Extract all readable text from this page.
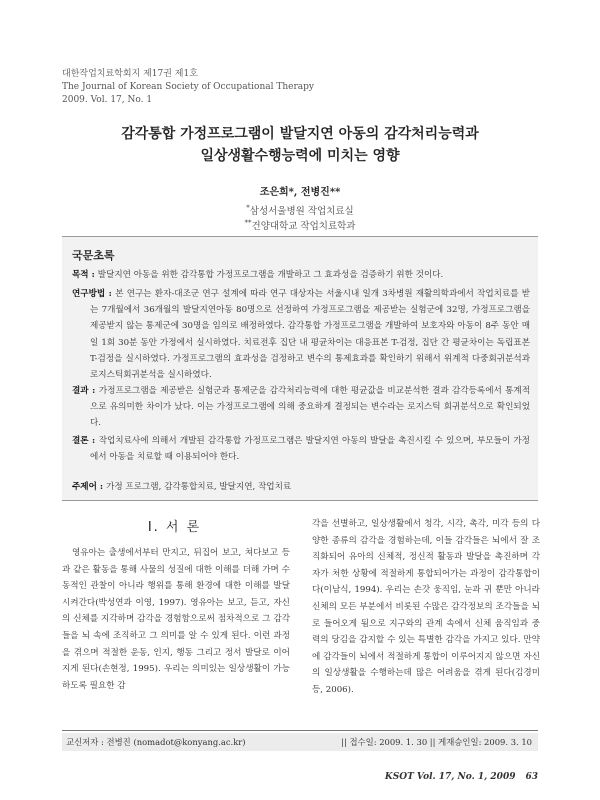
대한작업치료학회지 제17권 제1호
The Journal of Korean Society of Occupational Therapy
2009. Vol. 17, No. 1
감각통합 가정프로그램이 발달지연 아동의 감각처리능력과
일상생활수행능력에 미치는 영향
조은희*, 전병진**
*삼성서울병원 작업치료실
**건양대학교 작업치료학과
국문초록
목적 : 발달지연 아동을 위한 감각통합 가정프로그램을 개발하고 그 효과성을 검증하기 위한 것이다.
연구방법 : 본 연구는 환자-대조군 연구 설계에 따라 연구 대상자는 서울시내 일개 3차병원 재활의학과에서 작업치료를 받는 7개월에서 36개월의 발달지연아동 80명으로 선정하여 가정프로그램을 제공받는 실험군에 32명, 가정프로그램을 제공받지 않는 통제군에 30명을 임의로 배정하였다. 감각통합 가정프로그램을 개발하여 보호자와 아동이 8주 동안 매일 1회 30분 동안 가정에서 실시하였다. 치료전후 집단 내 평균차이는 대응표본 T-검정, 집단 간 평균차이는 독립표본 T-검정을 실시하였다. 가정프로그램의 효과성을 검정하고 변수의 통제효과를 확인하기 위해서 위계적 다중회귀분석과 로지스틱회귀분석을 실시하였다.
결과 : 가정프로그램을 제공받은 실험군과 통제군을 감각처리능력에 대한 평균값을 비교분석한 결과 감각등록에서 통계적으로 유의미한 차이가 났다. 이는 가정프로그램에 의해 중요하게 결정되는 변수라는 로지스틱 회귀분석으로 확인되었다.
결론 : 작업치료사에 의해서 개발된 감각통합 가정프로그램은 발달지연 아동의 발달을 촉진시킬 수 있으며, 부모들이 가정에서 아동을 치료할 때 이용되어야 한다.
주제어 : 가정 프로그램, 감각통합치료, 발달지연, 작업치료
Ⅰ. 서 론
영유아는 출생에서부터 만지고, 뒤집어 보고, 쳐다보고 등과 같은 활동을 통해 사물의 성질에 대한 이해를 더해 가며 수동적인 관찰이 아니라 행위를 통해 환경에 대한 이해를 발달시켜간다(박성연과 이영, 1997). 영유아는 보고, 듣고, 자신의 신체를 지각하며 감각을 경험함으로써 점차적으로 그 감각들을 뇌 속에 조직하고 그 의미를 알 수 있게 된다. 이런 과정을 겪으며 적절한 운동, 인지, 행동 그리고 정서 발달로 이어지게 된다(손현정, 1995). 우리는 의미있는 일상생활이 가능하도록 필요한 감
각을 선별하고, 일상생활에서 청각, 시각, 촉각, 미각 등의 다양한 종류의 감각을 경험하는데, 이들 감각들은 뇌에서 잘 조직화되어 유아의 신체적, 정신적 활동과 발달을 촉진하며 각자가 처한 상황에 적절하게 통합되어가는 과정이 감각통합이다(이남식, 1994). 우리는 손갓 웅직임, 눈과 귀 뿐만 아니라 신체의 모든 부분에서 비롯된 수많은 감각정보의 조각들을 뇌로 들어오게 됨으로 지구와의 관계 속에서 신체 움직임과 중력의 당김을 감지할 수 있는 특별한 감각을 가지고 있다. 만약에 감각들이 뇌에서 적절하게 통합이 이루어지지 않으면 자신의 일상생활을 수행하는데 많은 어려움을 겪게 된다(김경미 등, 2006).
교신저자 : 전병진 (nomadot@konyang.ac.kr)	|| 접수일: 2009. 1. 30 || 게재승인일: 2009. 3. 10
KSOT Vol. 17, No. 1, 2009 63
